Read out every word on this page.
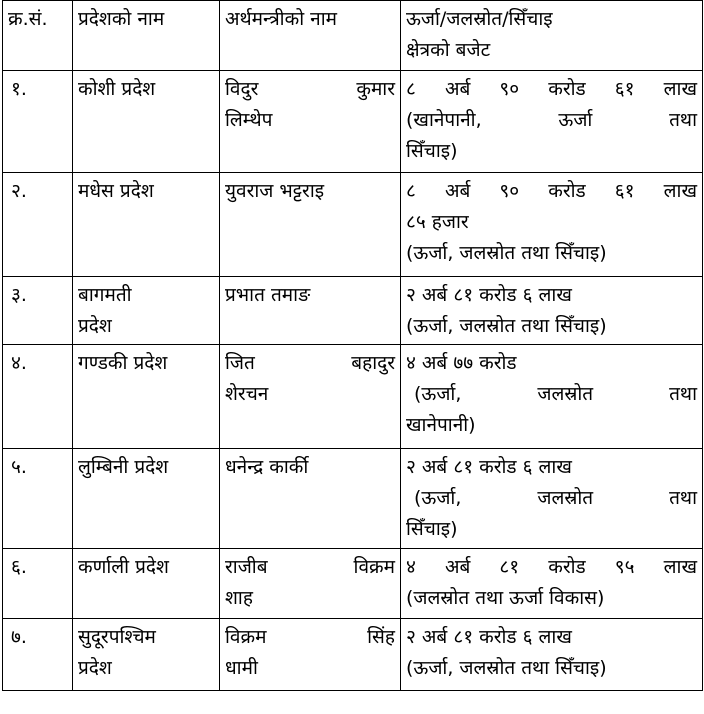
क्र.सं.	प्रदेशको नाम	अर्थमन्त्रीको नाम	ऊर्जा/जलस्रोत/सिँचाइ
क्षेत्रको बजेट

१.	कोशी प्रदेश	विदुर कुमार
लिम्थेप	८ अर्ब ९० करोड ६१ लाख
(खानेपानी, ऊर्जा तथा
सिँचाइ)

२.	मधेस प्रदेश	युवराज भट्टराइ	८ अर्ब ९० करोड ६१ लाख
८५ हजार
(ऊर्जा, जलस्रोत तथा सिँचाइ)

३.	बागमती
प्रदेश	प्रभात तमाङ	२ अर्ब ८१ करोड ६ लाख
(ऊर्जा, जलस्रोत तथा सिँचाइ)

४.	गण्डकी प्रदेश	जित बहादुर
शेरचन	४ अर्ब ७७ करोड
(ऊर्जा, जलस्रोत तथा
खानेपानी)

५.	लुम्बिनी प्रदेश	धनेन्द्र कार्की	२ अर्ब ८१ करोड ६ लाख
(ऊर्जा, जलस्रोत तथा
सिँचाइ)

६.	कर्णाली प्रदेश	राजीब विक्रम
शाह	४ अर्ब ८१ करोड ९५ लाख
(जलस्रोत तथा ऊर्जा विकास)

७.	सुदूरपश्चिम
प्रदेश	विक्रम सिंह
धामी	२ अर्ब ८१ करोड ६ लाख
(ऊर्जा, जलस्रोत तथा सिँचाइ)
